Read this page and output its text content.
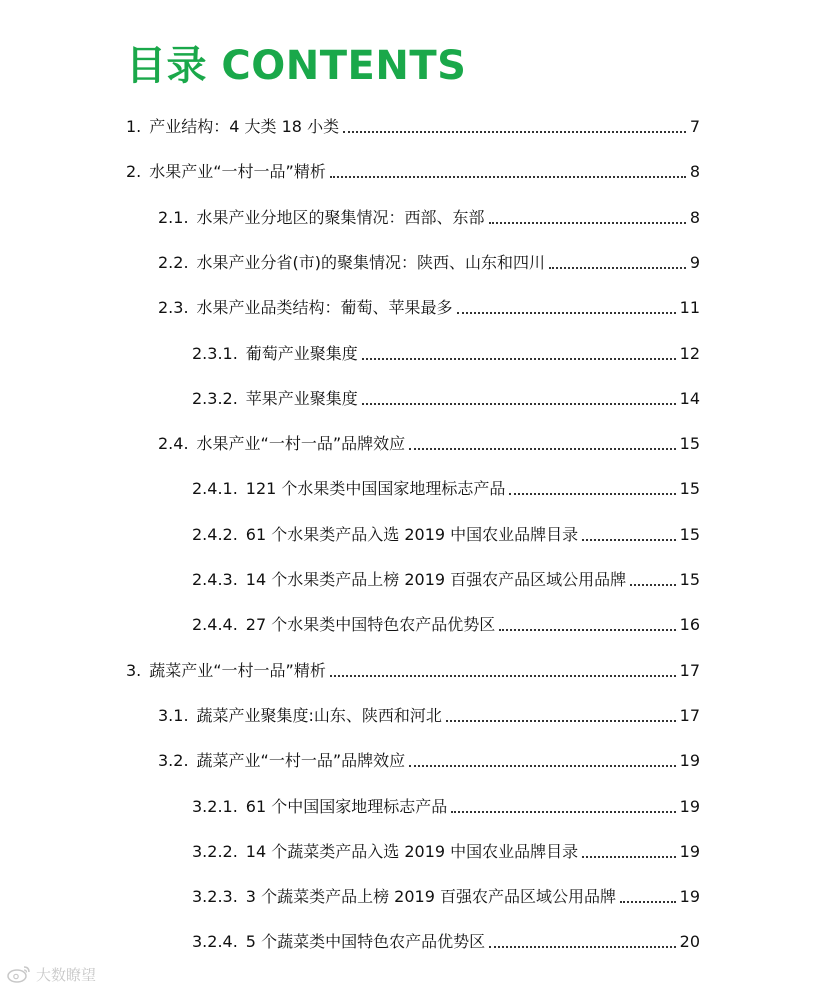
目录 CONTENTS
1. 产业结构：4 大类 18 小类	7
2. 水果产业“一村一品”精析	8
2.1. 水果产业分地区的聚集情况：西部、东部	8
2.2. 水果产业分省(市)的聚集情况：陕西、山东和四川	9
2.3. 水果产业品类结构：葡萄、苹果最多	11
2.3.1. 葡萄产业聚集度	12
2.3.2. 苹果产业聚集度	14
2.4. 水果产业“一村一品”品牌效应	15
2.4.1. 121 个水果类中国国家地理标志产品	15
2.4.2. 61 个水果类产品入选 2019 中国农业品牌目录	15
2.4.3. 14 个水果类产品上榜 2019 百强农产品区域公用品牌	15
2.4.4. 27 个水果类中国特色农产品优势区	16
3. 蔬菜产业“一村一品”精析	17
3.1. 蔬菜产业聚集度:山东、陕西和河北	17
3.2. 蔬菜产业“一村一品”品牌效应	19
3.2.1. 61 个中国国家地理标志产品	19
3.2.2. 14 个蔬菜类产品入选 2019 中国农业品牌目录	19
3.2.3. 3 个蔬菜类产品上榜 2019 百强农产品区域公用品牌	19
3.2.4. 5 个蔬菜类中国特色农产品优势区	20
大数瞭望
